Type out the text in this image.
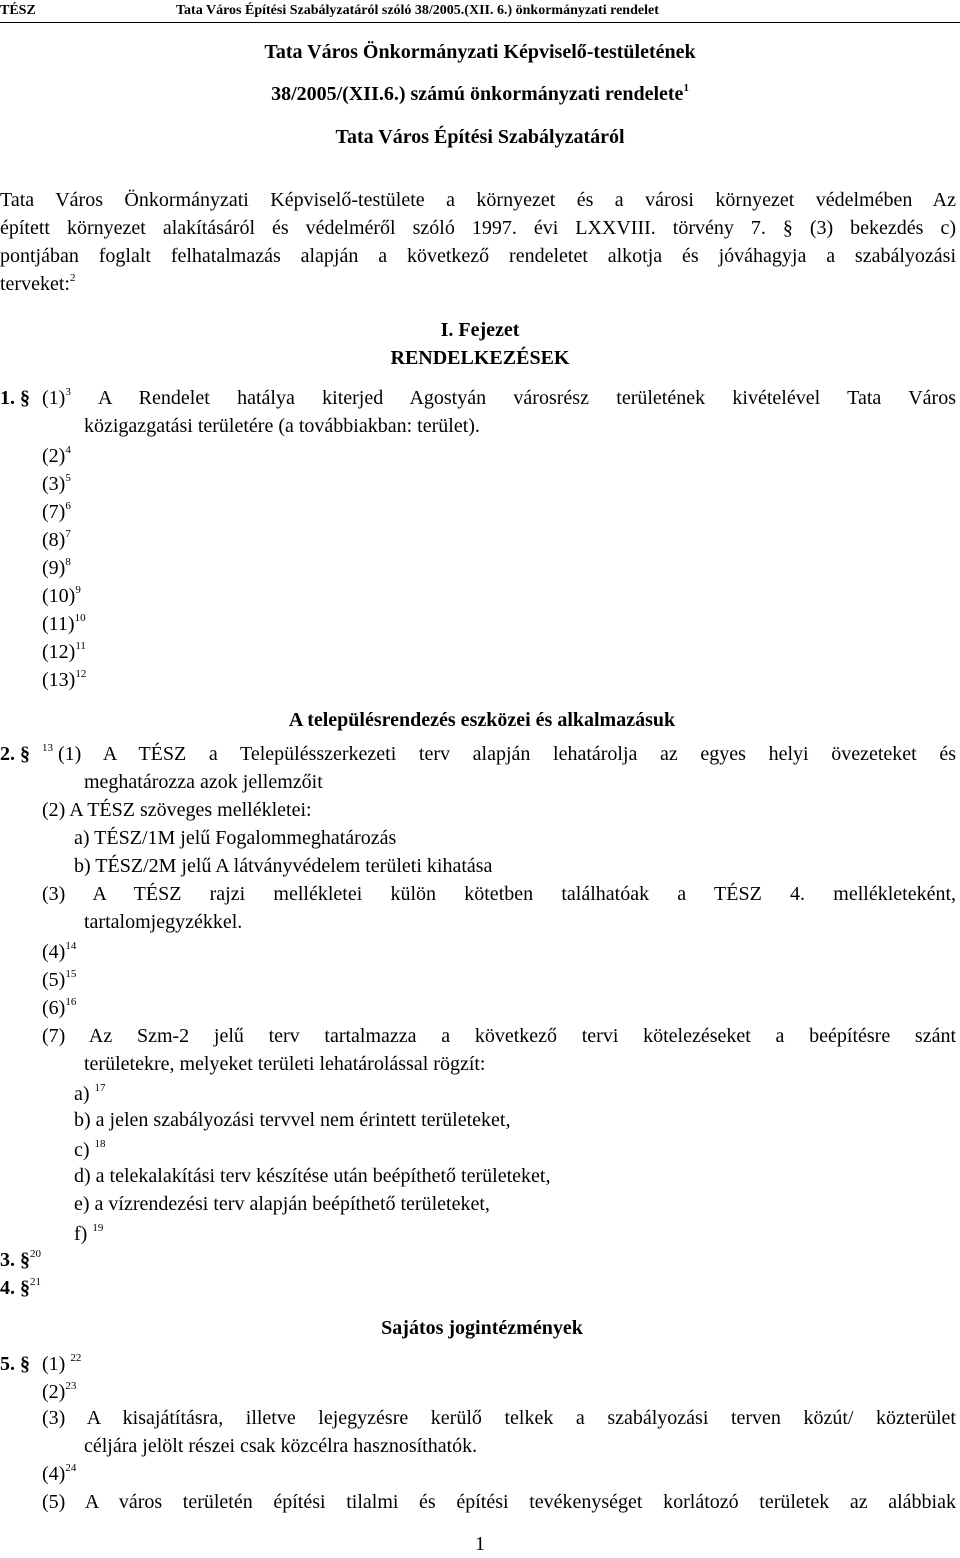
TÉSZ	Tata Város Építési Szabályzatáról szóló 38/2005.(XII. 6.) önkormányzati rendelet
Tata Város Önkormányzati Képviselő-testületének
38/2005/(XII.6.) számú önkormányzati rendelete$^1$
Tata Város Építési Szabályzatáról
Tata Város Önkormányzati Képviselő-testülete a környezet és a városi környezet védelmében Az
épített környezet alakításáról és védelméről szóló 1997. évi LXXVIII. törvény 7. § (3) bekezdés c)
pontjában foglalt felhatalmazás alapján a következő rendeletet alkotja és jóváhagyja a szabályozási
terveket:$^2$
I. Fejezet
RENDELKEZÉSEK
1. § $(1)^3$ A Rendelet hatálya kiterjed Agostyán városrész területének kivételével Tata Város
közigazgatási területére (a továbbiakban: terület).
$(2)^4$
$(3)^5$
$(7)^6$
$(8)^7$
$(9)^8$
$(10)^9$
$(11)^{10}$
$(12)^{11}$
$(13)^{12}$
A településrendezés eszközei és alkalmazásuk
2. § $^{13}$ (1) A TÉSZ a Településszerkezeti terv alapján lehatárolja az egyes helyi övezeteket és
meghatározza azok jellemzőit
(2) A TÉSZ szöveges mellékletei:
a) TÉSZ/1M jelű Fogalommeghatározás
b) TÉSZ/2M jelű A látványvédelem területi kihatása
(3) A TÉSZ rajzi mellékletei külön kötetben találhatóak a TÉSZ 4. mellékleteként,
tartalomjegyzékkel.
$(4)^{14}$
$(5)^{15}$
$(6)^{16}$
(7) Az Szm-2 jelű terv tartalmazza a következő tervi kötelezéseket a beépítésre szánt
területekre, melyeket területi lehatárolással rögzít:
a) $^{17}$
b) a jelen szabályozási tervvel nem érintett területeket,
c) $^{18}$
d) a telekalakítási terv készítése után beépíthető területeket,
e) a vízrendezési terv alapján beépíthető területeket,
f) $^{19}$
3. §$^{20}$
4. §$^{21}$
Sajátos jogintézmények
5. § (1) $^{22}$
$(2)^{23}$
(3) A kisajátításra, illetve lejegyzésre kerülő telkek a szabályozási terven közút/ közterület
céljára jelölt részei csak közcélra hasznosíthatók.
$(4)^{24}$
(5) A város területén építési tilalmi és építési tevékenységet korlátozó területek az alábbiak
1
